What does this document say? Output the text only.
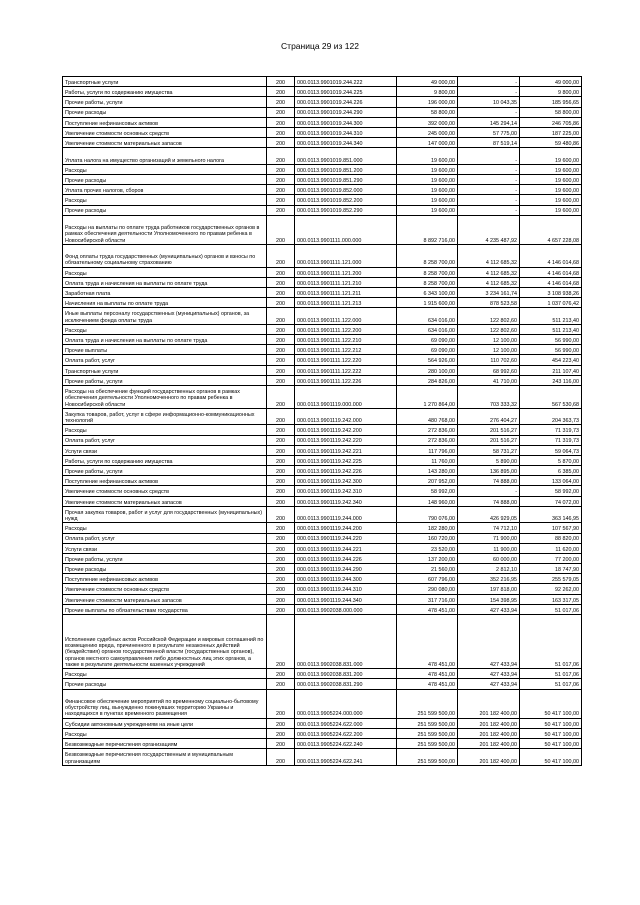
Страница 29 из 122
Транспортные услуги	200	000.0113.9901019.244.222	49 000,00	-	49 000,00
Работы, услуги по содержанию имущества	200	000.0113.9901019.244.225	9 800,00	-	9 800,00
Прочие работы, услуги	200	000.0113.9901019.244.226	196 000,00	10 043,35	185 956,65
Прочие расходы	200	000.0113.9901019.244.290	58 800,00	-	58 800,00
Поступление нефинансовых активов	200	000.0113.9901019.244.300	392 000,00	145 294,14	246 705,86
Увеличение стоимости основных средств	200	000.0113.9901019.244.310	245 000,00	57 775,00	187 225,00
Увеличение стоимости материальных запасов	200	000.0113.9901019.244.340	147 000,00	87 519,14	59 480,86
Уплата налога на имущество организаций и земельного налога	200	000.0113.9901019.851.000	19 600,00	-	19 600,00
Расходы	200	000.0113.9901019.851.200	19 600,00	-	19 600,00
Прочие расходы	200	000.0113.9901019.851.290	19 600,00	-	19 600,00
Уплата прочих налогов, сборов	200	000.0113.9901019.852.000	19 600,00	-	19 600,00
Расходы	200	000.0113.9901019.852.200	19 600,00	-	19 600,00
Прочие расходы	200	000.0113.9901019.852.290	19 600,00	-	19 600,00
Расходы на выплаты по оплате труда работников государственных органов в рамках обеспечения деятельности Уполномоченного по правам ребенка в Новосибирской области	200	000.0113.9901111.000.000	8 892 716,00	4 235 487,92	4 657 228,08
Фонд оплаты труда государственных (муниципальных) органов и взносы по обязательному социальному страхованию	200	000.0113.9901111.121.000	8 258 700,00	4 112 685,32	4 146 014,68
Расходы	200	000.0113.9901111.121.200	8 258 700,00	4 112 685,32	4 146 014,68
Оплата труда и начисления на выплаты по оплате труда	200	000.0113.9901111.121.210	8 258 700,00	4 112 685,32	4 146 014,68
Заработная плата	200	000.0113.9901111.121.211	6 343 100,00	3 234 161,74	3 108 938,26
Начисления на выплаты по оплате труда	200	000.0113.9901111.121.213	1 915 600,00	878 523,58	1 037 076,42
Иные выплаты персоналу государственных (муниципальных) органов, за исключением фонда оплаты труда	200	000.0113.9901111.122.000	634 016,00	122 802,60	511 213,40
Расходы	200	000.0113.9901111.122.200	634 016,00	122 802,60	511 213,40
Оплата труда и начисления на выплаты по оплате труда	200	000.0113.9901111.122.210	69 090,00	12 100,00	56 990,00
Прочие выплаты	200	000.0113.9901111.122.212	69 090,00	12 100,00	56 990,00
Оплата работ, услуг	200	000.0113.9901111.122.220	564 926,00	110 702,60	454 223,40
Транспортные услуги	200	000.0113.9901111.122.222	280 100,00	68 992,60	211 107,40
Прочие работы, услуги	200	000.0113.9901111.122.226	284 826,00	41 710,00	243 116,00
Расходы на обеспечение функций государственных органов в рамках обеспечения деятельности Уполномоченного по правам ребенка в Новосибирской области	200	000.0113.9901119.000.000	1 270 864,00	703 333,32	567 530,68
Закупка товаров, работ, услуг в сфере информационно-коммуникационных технологий	200	000.0113.9901119.242.000	480 768,00	276 404,27	204 363,73
Расходы	200	000.0113.9901119.242.200	272 836,00	201 516,27	71 319,73
Оплата работ, услуг	200	000.0113.9901119.242.220	272 836,00	201 516,27	71 319,73
Услуги связи	200	000.0113.9901119.242.221	117 796,00	58 731,27	59 064,73
Работы, услуги по содержанию имущества	200	000.0113.9901119.242.225	11 760,00	5 890,00	5 870,00
Прочие работы, услуги	200	000.0113.9901119.242.226	143 280,00	136 895,00	6 385,00
Поступление нефинансовых активов	200	000.0113.9901119.242.300	207 952,00	74 888,00	133 064,00
Увеличение стоимости основных средств	200	000.0113.9901119.242.310	58 992,00	-	58 992,00
Увеличение стоимости материальных запасов	200	000.0113.9901119.242.340	148 960,00	74 888,00	74 072,00
Прочая закупка товаров, работ и услуг для государственных (муниципальных) нужд	200	000.0113.9901119.244.000	790 076,00	426 929,05	363 146,95
Расходы	200	000.0113.9901119.244.200	182 280,00	74 712,10	107 567,90
Оплата работ, услуг	200	000.0113.9901119.244.220	160 720,00	71 900,00	88 820,00
Услуги связи	200	000.0113.9901119.244.221	23 520,00	11 900,00	11 620,00
Прочие работы, услуги	200	000.0113.9901119.244.226	137 200,00	60 000,00	77 200,00
Прочие расходы	200	000.0113.9901119.244.290	21 560,00	2 812,10	18 747,90
Поступление нефинансовых активов	200	000.0113.9901119.244.300	607 796,00	352 216,95	255 579,05
Увеличение стоимости основных средств	200	000.0113.9901119.244.310	290 080,00	197 818,00	92 262,00
Увеличение стоимости материальных запасов	200	000.0113.9901119.244.340	317 716,00	154 398,95	163 317,05
Прочие выплаты по обязательствам государства	200	000.0113.9902038.000.000	478 451,00	427 433,94	51 017,06
Исполнение судебных актов Российской Федерации и мировых соглашений по возмещению вреда, причиненного в результате незаконных действий (бездействия) органов государственной власти (государственных органов), органов местного самоуправления либо должностных лиц этих органов, а также в результате деятельности казенных учреждений	200	000.0113.9902038.831.000	478 451,00	427 433,94	51 017,06
Расходы	200	000.0113.9902038.831.200	478 451,00	427 433,94	51 017,06
Прочие расходы	200	000.0113.9902038.831.290	478 451,00	427 433,94	51 017,06
Финансовое обеспечение мероприятий по временному социально-бытовому обустройству лиц, вынужденно покинувших территорию Украины и находящихся в пунктах временного размещения	200	000.0113.9905224.000.000	251 599 500,00	201 182 400,00	50 417 100,00
Субсидии автономным учреждениям на иные цели	200	000.0113.9905224.622.000	251 599 500,00	201 182 400,00	50 417 100,00
Расходы	200	000.0113.9905224.622.200	251 599 500,00	201 182 400,00	50 417 100,00
Безвозмездные перечисления организациям	200	000.0113.9905224.622.240	251 599 500,00	201 182 400,00	50 417 100,00
Безвозмездные перечисления государственным и муниципальным организациям	200	000.0113.9905224.622.241	251 599 500,00	201 182 400,00	50 417 100,00
